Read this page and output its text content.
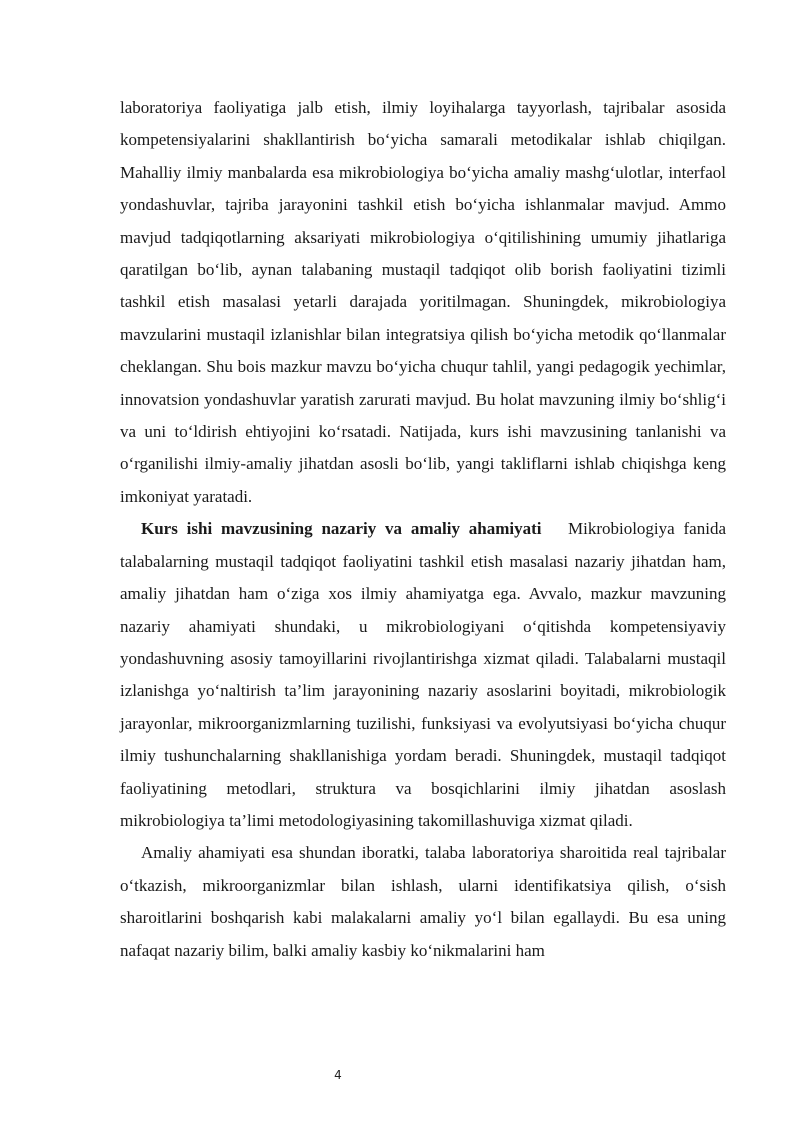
laboratoriya faoliyatiga jalb etish, ilmiy loyihalarga tayyorlash, tajribalar asosida kompetensiyalarini shakllantirish bo‘yicha samarali metodikalar ishlab chiqilgan. Mahalliy ilmiy manbalarda esa mikrobiologiya bo‘yicha amaliy mashg‘ulotlar, interfaol yondashuvlar, tajriba jarayonini tashkil etish bo‘yicha ishlanmalar mavjud. Ammo mavjud tadqiqotlarning aksariyati mikrobiologiya o‘qitilishining umumiy jihatlariga qaratilgan bo‘lib, aynan talabaning mustaqil tadqiqot olib borish faoliyatini tizimli tashkil etish masalasi yetarli darajada yoritilmagan. Shuningdek, mikrobiologiya mavzularini mustaqil izlanishlar bilan integratsiya qilish bo‘yicha metodik qo‘llanmalar cheklangan. Shu bois mazkur mavzu bo‘yicha chuqur tahlil, yangi pedagogik yechimlar, innovatsion yondashuvlar yaratish zarurati mavjud. Bu holat mavzuning ilmiy bo‘shlig‘i va uni to‘ldirish ehtiyojini ko‘rsatadi. Natijada, kurs ishi mavzusining tanlanishi va o‘rganilishi ilmiy-amaliy jihatdan asosli bo‘lib, yangi takliflarni ishlab chiqishga keng imkoniyat yaratadi.

Kurs ishi mavzusining nazariy va amaliy ahamiyati Mikrobiologiya fanida talabalarning mustaqil tadqiqot faoliyatini tashkil etish masalasi nazariy jihatdan ham, amaliy jihatdan ham o‘ziga xos ilmiy ahamiyatga ega. Avvalo, mazkur mavzuning nazariy ahamiyati shundaki, u mikrobiologiyani o‘qitishda kompetensiyaviy yondashuvning asosiy tamoyillarini rivojlantirishga xizmat qiladi. Talabalarni mustaqil izlanishga yo‘naltirish ta’lim jarayonining nazariy asoslarini boyitadi, mikrobiologik jarayonlar, mikroorganizmlarning tuzilishi, funksiyasi va evolyutsiyasi bo‘yicha chuqur ilmiy tushunchalarning shakllanishiga yordam beradi. Shuningdek, mustaqil tadqiqot faoliyatining metodlari, struktura va bosqichlarini ilmiy jihatdan asoslash mikrobiologiya ta’limi metodologiyasining takomillashuviga xizmat qiladi.

Amaliy ahamiyati esa shundan iboratki, talaba laboratoriya sharoitida real tajribalar o‘tkazish, mikroorganizmlar bilan ishlash, ularni identifikatsiya qilish, o‘sish sharoitlarini boshqarish kabi malakalarni amaliy yo‘l bilan egallaydi. Bu esa uning nafaqat nazariy bilim, balki amaliy kasbiy ko‘nikmalarini ham

4
